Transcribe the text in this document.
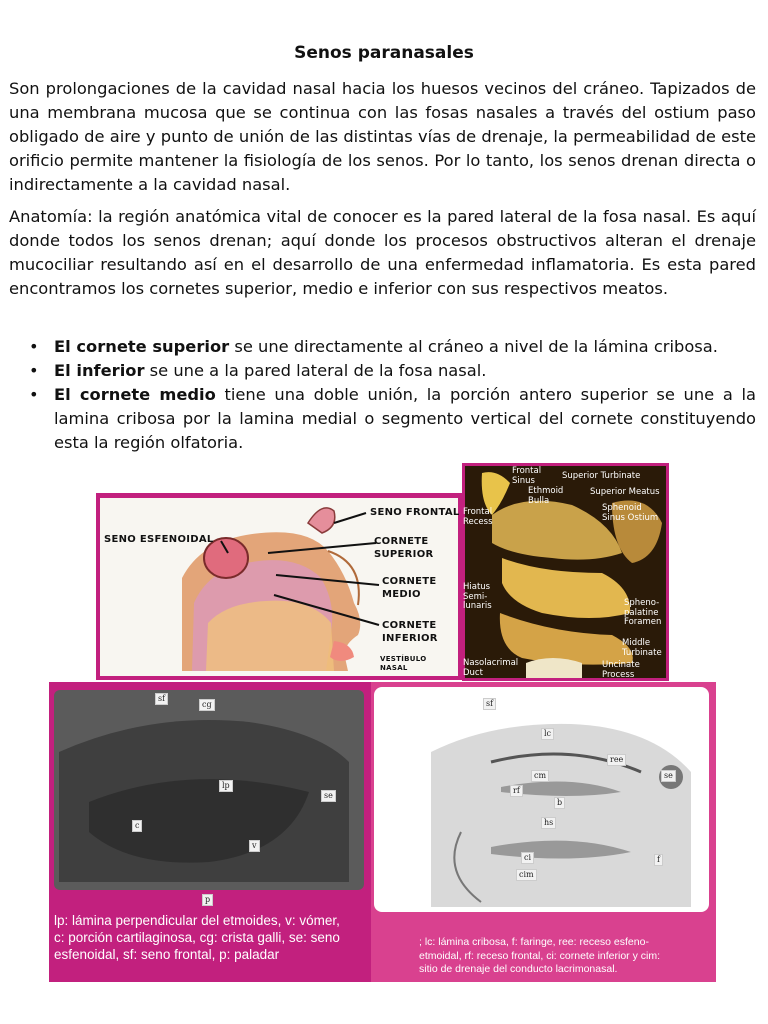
Senos paranasales

Son prolongaciones de la cavidad nasal hacia los huesos vecinos del cráneo. Tapizados de una membrana mucosa que se continua con las fosas nasales a través del ostium paso obligado de aire y punto de unión de las distintas vías de drenaje, la permeabilidad de este orificio permite mantener la fisiología de los senos. Por lo tanto, los senos drenan directa o indirectamente a la cavidad nasal.

Anatomía: la región anatómica vital de conocer es la pared lateral de la fosa nasal. Es aquí donde todos los senos drenan; aquí donde los procesos obstructivos alteran el drenaje mucociliar resultando así en el desarrollo de una enfermedad inflamatoria. Es esta pared encontramos los cornetes superior, medio e inferior con sus respectivos meatos.

• El cornete superior se une directamente al cráneo a nivel de la lámina cribosa.
• El inferior se une a la pared lateral de la fosa nasal.
• El cornete medio tiene una doble unión, la porción antero superior se une a la lamina cribosa por la lamina medial o segmento vertical del cornete constituyendo esta la región olfatoria.
SENO FRONTAL
SENO ESFENOIDAL	CORNETE SUPERIOR
CORNETE MEDIO
CORNETE INFERIOR
VESTÍBULO NASAL
Frontal Sinus	Superior Turbinate
Superior Meatus
Ethmoid Bulla
Sphenoid Sinus Ostium
Frontal Recess
Hiatus Semi-lunaris	Spheno-palatine Foramen
Middle Turbinate
Nasolacrimal Duct
Uncinate Process
sf
cg
lp
se
c
v
p
lp: lámina perpendicular del etmoides, v: vómer, c: porción cartilaginosa, cg: crista galli, se: seno esfenoidal, sf: seno frontal, p: paladar
sf
lc
ree
se
cm
rf
b
hs
ci
cim
f
; lc: lámina cribosa, f: faringe, ree: receso esfeno-etmoidal, rf: receso frontal, ci: cornete inferior y cim: sitio de drenaje del conducto lacrimonasal.
